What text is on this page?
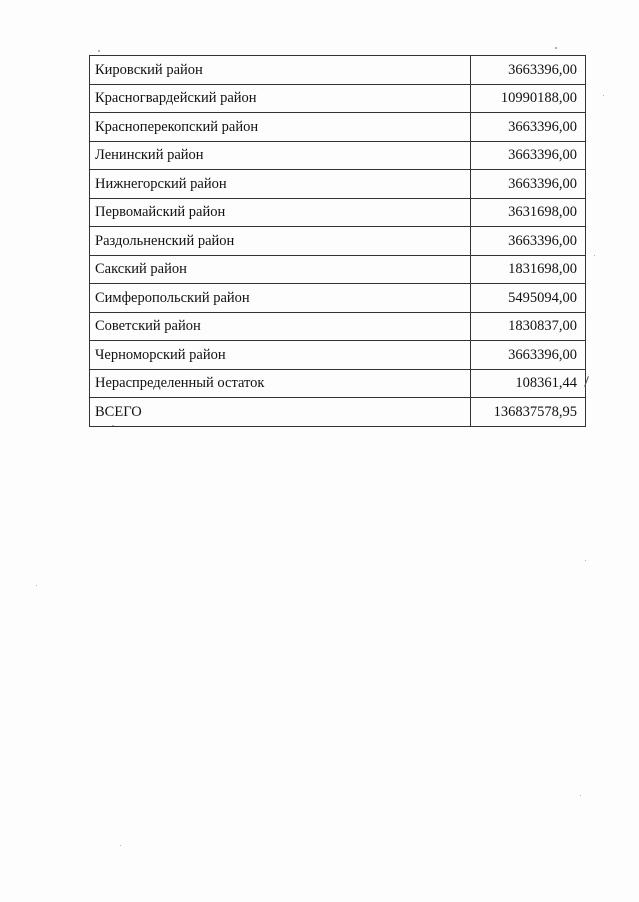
Кировский район	3663396,00
Красногвардейский район	10990188,00
Красноперекопский район	3663396,00
Ленинский район	3663396,00
Нижнегорский район	3663396,00
Первомайский район	3631698,00
Раздольненский район	3663396,00
Сакский район	1831698,00
Симферопольский район	5495094,00
Советский район	1830837,00
Черноморский район	3663396,00
Нераспределенный остаток	108361,44
ВСЕГО	136837578,95
